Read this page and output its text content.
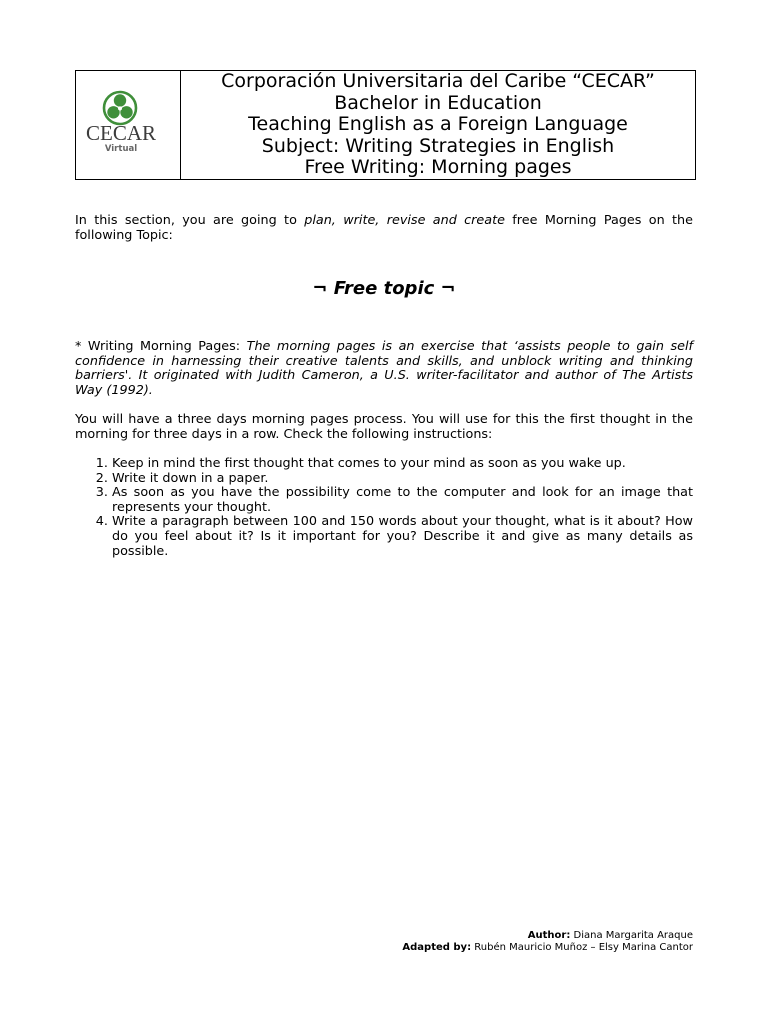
CECAR
Virtual
Corporación Universitaria del Caribe “CECAR”
Bachelor in Education
Teaching English as a Foreign Language
Subject: Writing Strategies in English
Free Writing: Morning pages

In this section, you are going to plan, write, revise and create free Morning Pages on the following Topic:

¬ Free topic ¬

* Writing Morning Pages: The morning pages is an exercise that ‘assists people to gain self confidence in harnessing their creative talents and skills, and unblock writing and thinking barriers'. It originated with Judith Cameron, a U.S. writer-facilitator and author of The Artists Way (1992).

You will have a three days morning pages process. You will use for this the first thought in the morning for three days in a row. Check the following instructions:

1. Keep in mind the first thought that comes to your mind as soon as you wake up.
2. Write it down in a paper.
3. As soon as you have the possibility come to the computer and look for an image that represents your thought.
4. Write a paragraph between 100 and 150 words about your thought, what is it about? How do you feel about it? Is it important for you? Describe it and give as many details as possible.
Author: Diana Margarita Araque
Adapted by: Rubén Mauricio Muñoz – Elsy Marina Cantor
